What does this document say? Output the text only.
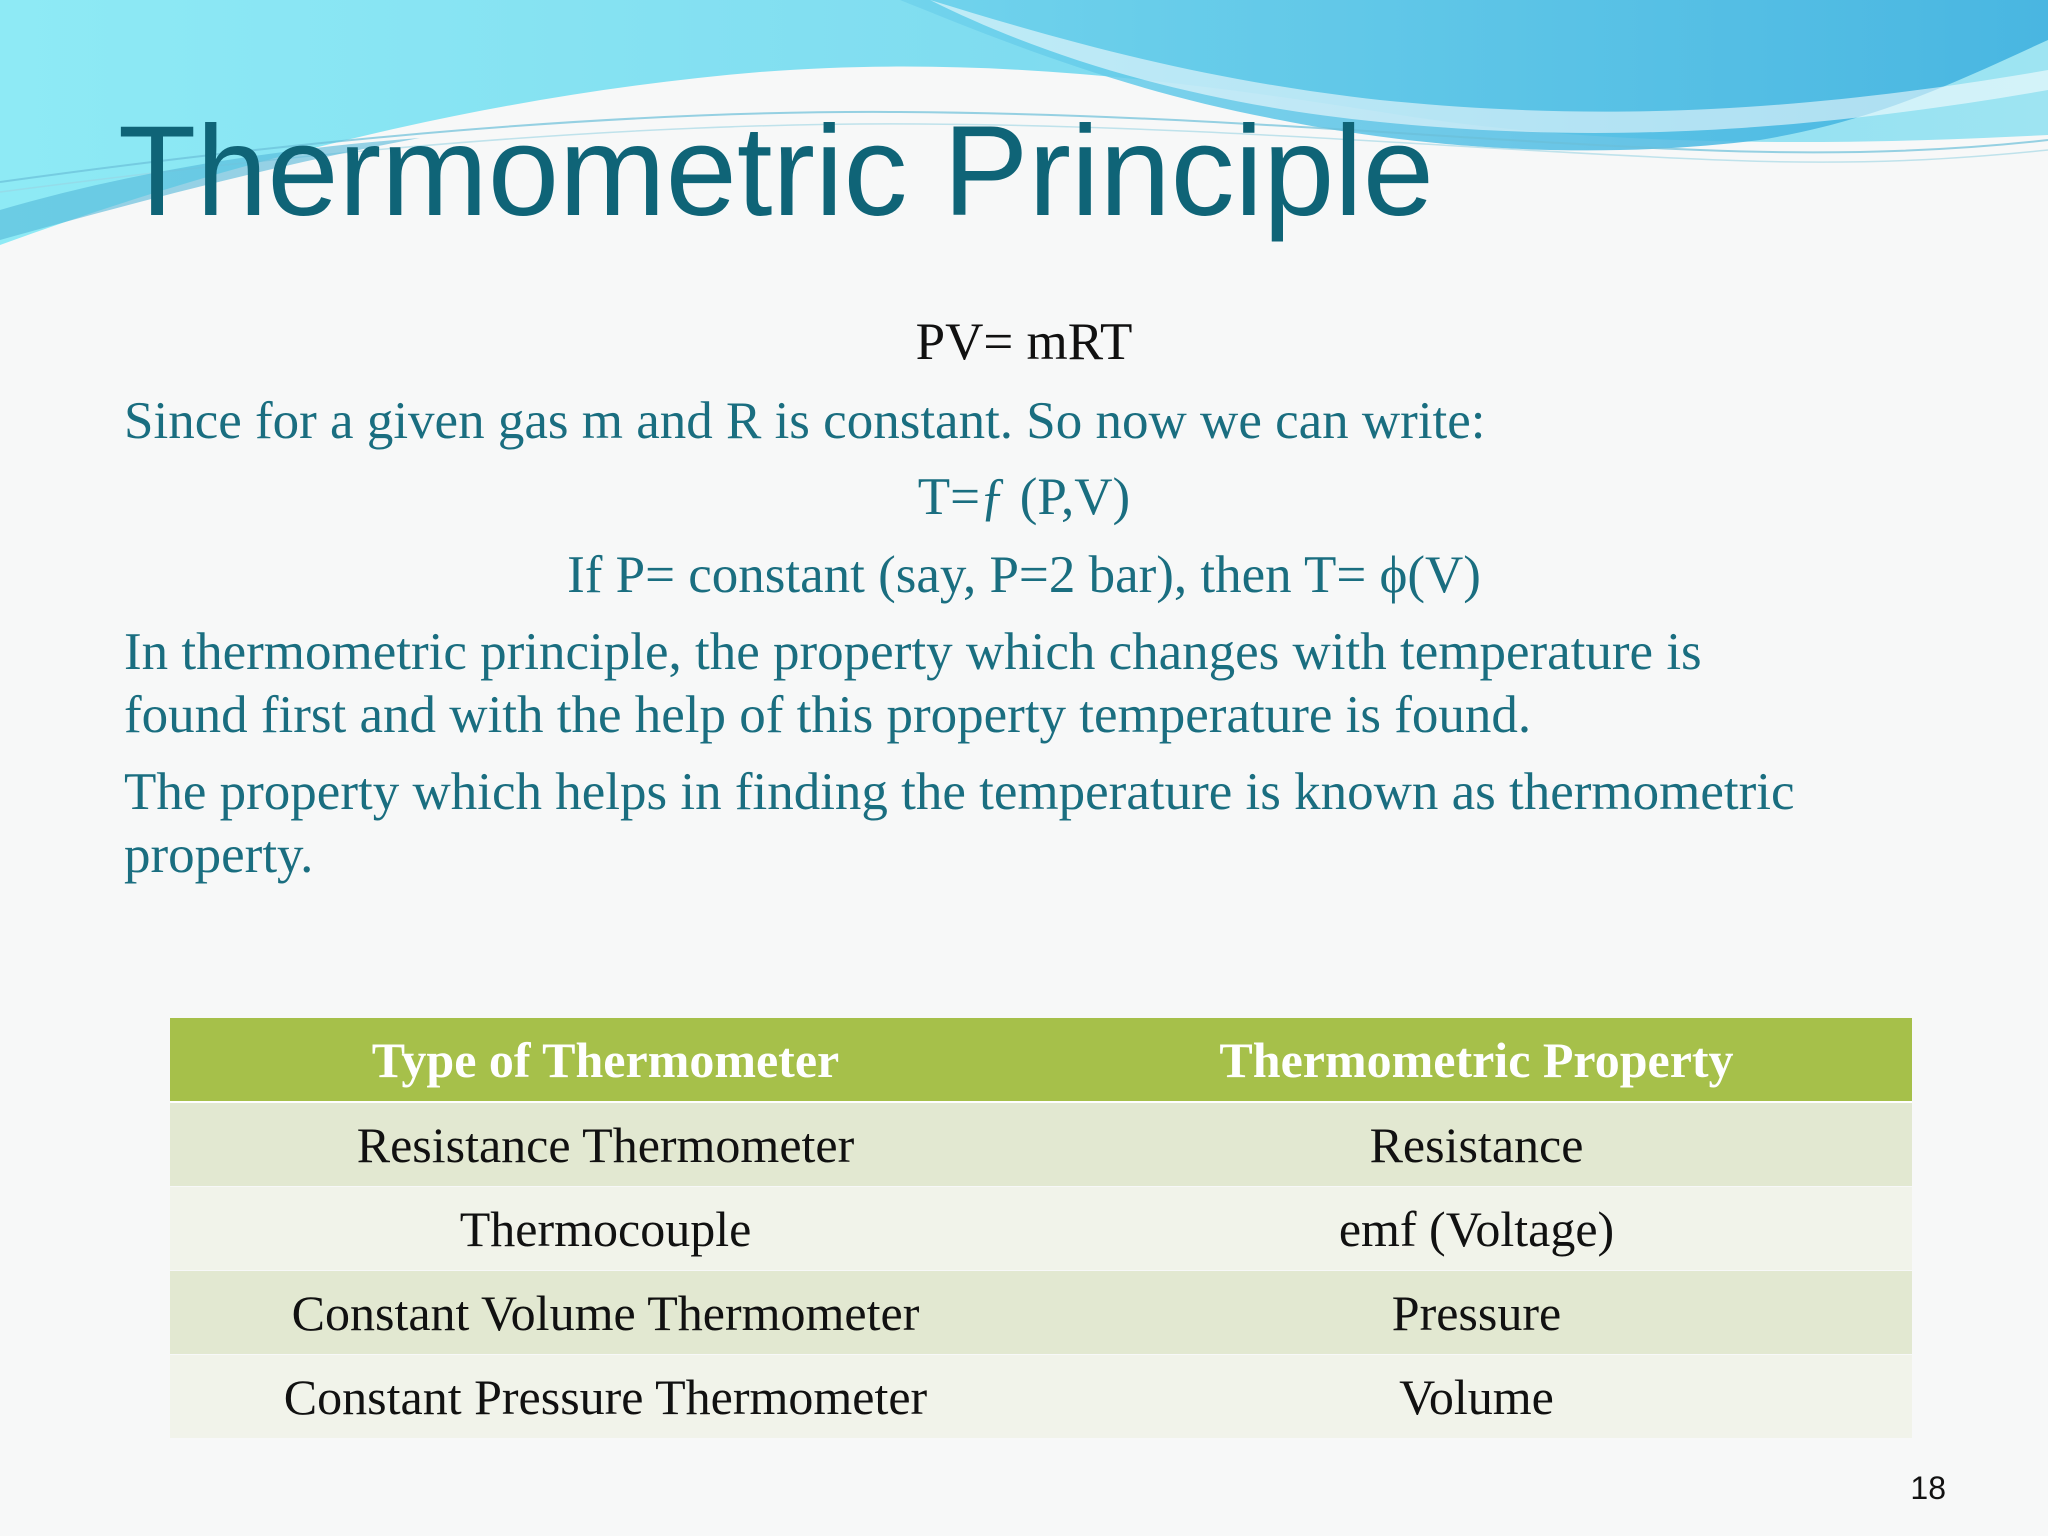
Thermometric Principle

PV= mRT

Since for a given gas m and R is constant. So now we can write:

T=ƒ (P,V)

If P= constant (say, P=2 bar), then T= ϕ(V)

In thermometric principle, the property which changes with temperature is

found first and with the help of this property temperature is found.

The property which helps in finding the temperature is known as thermometric

property.

Type of Thermometer	Thermometric Property
Resistance Thermometer	Resistance
Thermocouple	emf (Voltage)
Constant Volume Thermometer	Pressure
Constant Pressure Thermometer	Volume
18
